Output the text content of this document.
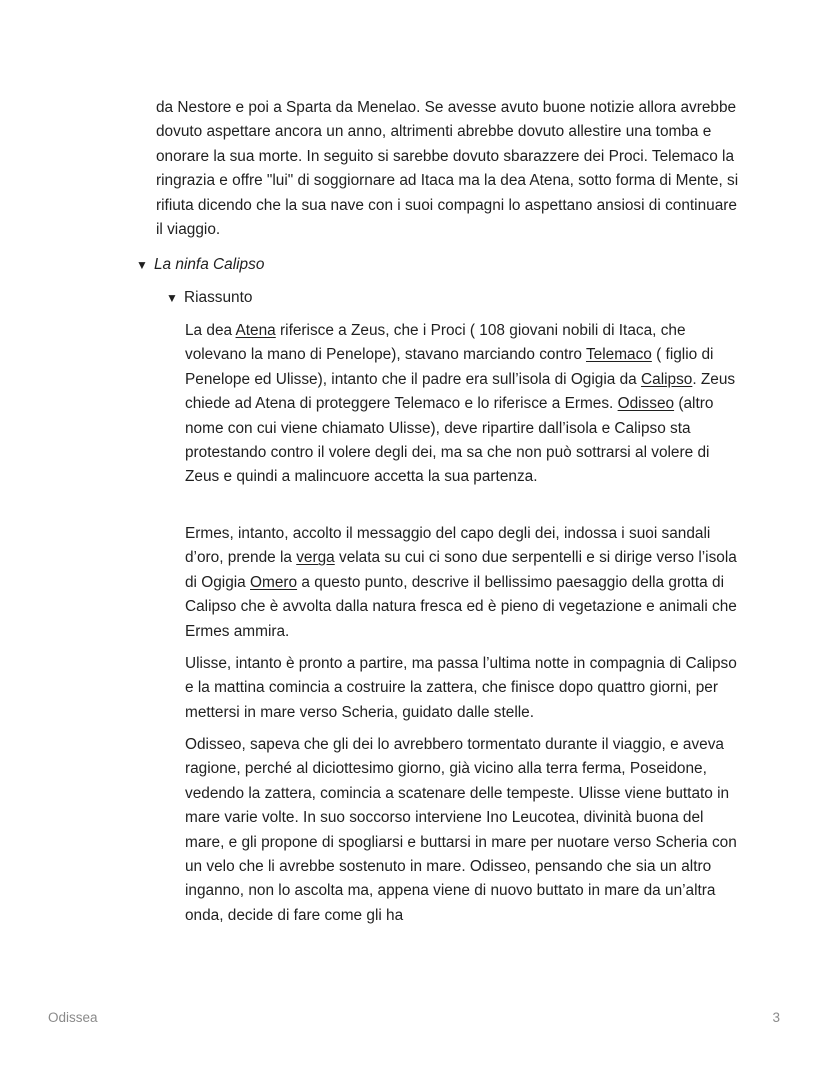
da Nestore e poi a Sparta da Menelao. Se avesse avuto buone notizie allora avrebbe dovuto aspettare ancora un anno, altrimenti abrebbe dovuto allestire una tomba e onorare la sua morte. In seguito si sarebbe dovuto sbarazzere dei Proci. Telemaco la ringrazia e offre "lui" di soggiornare ad Itaca ma la dea Atena, sotto forma di Mente, si rifiuta dicendo che la sua nave con i suoi compagni lo aspettano ansiosi di continuare il viaggio.

▼ La ninfa Calipso
▼ Riassunto

La dea Atena riferisce a Zeus, che i Proci ( 108 giovani nobili di Itaca, che volevano la mano di Penelope), stavano marciando contro Telemaco ( figlio di Penelope ed Ulisse), intanto che il padre era sull’isola di Ogigia da Calipso. Zeus chiede ad Atena di proteggere Telemaco e lo riferisce a Ermes. Odisseo (altro nome con cui viene chiamato Ulisse), deve ripartire dall’isola e Calipso sta protestando contro il volere degli dei, ma sa che non può sottrarsi al volere di Zeus e quindi a malincuore accetta la sua partenza.

Ermes, intanto, accolto il messaggio del capo degli dei, indossa i suoi sandali d’oro, prende la verga velata su cui ci sono due serpentelli e si dirige verso l’isola di Ogigia Omero a questo punto, descrive il bellissimo paesaggio della grotta di Calipso che è avvolta dalla natura fresca ed è pieno di vegetazione e animali che Ermes ammira.

Ulisse, intanto è pronto a partire, ma passa l’ultima notte in compagnia di Calipso e la mattina comincia a costruire la zattera, che finisce dopo quattro giorni, per mettersi in mare verso Scheria, guidato dalle stelle.

Odisseo, sapeva che gli dei lo avrebbero tormentato durante il viaggio, e aveva ragione, perché al diciottesimo giorno, già vicino alla terra ferma, Poseidone, vedendo la zattera, comincia a scatenare delle tempeste. Ulisse viene buttato in mare varie volte. In suo soccorso interviene Ino Leucotea, divinità buona del mare, e gli propone di spogliarsi e buttarsi in mare per nuotare verso Scheria con un velo che li avrebbe sostenuto in mare. Odisseo, pensando che sia un altro inganno, non lo ascolta ma, appena viene di nuovo buttato in mare da un’altra onda, decide di fare come gli ha

Odissea	3
